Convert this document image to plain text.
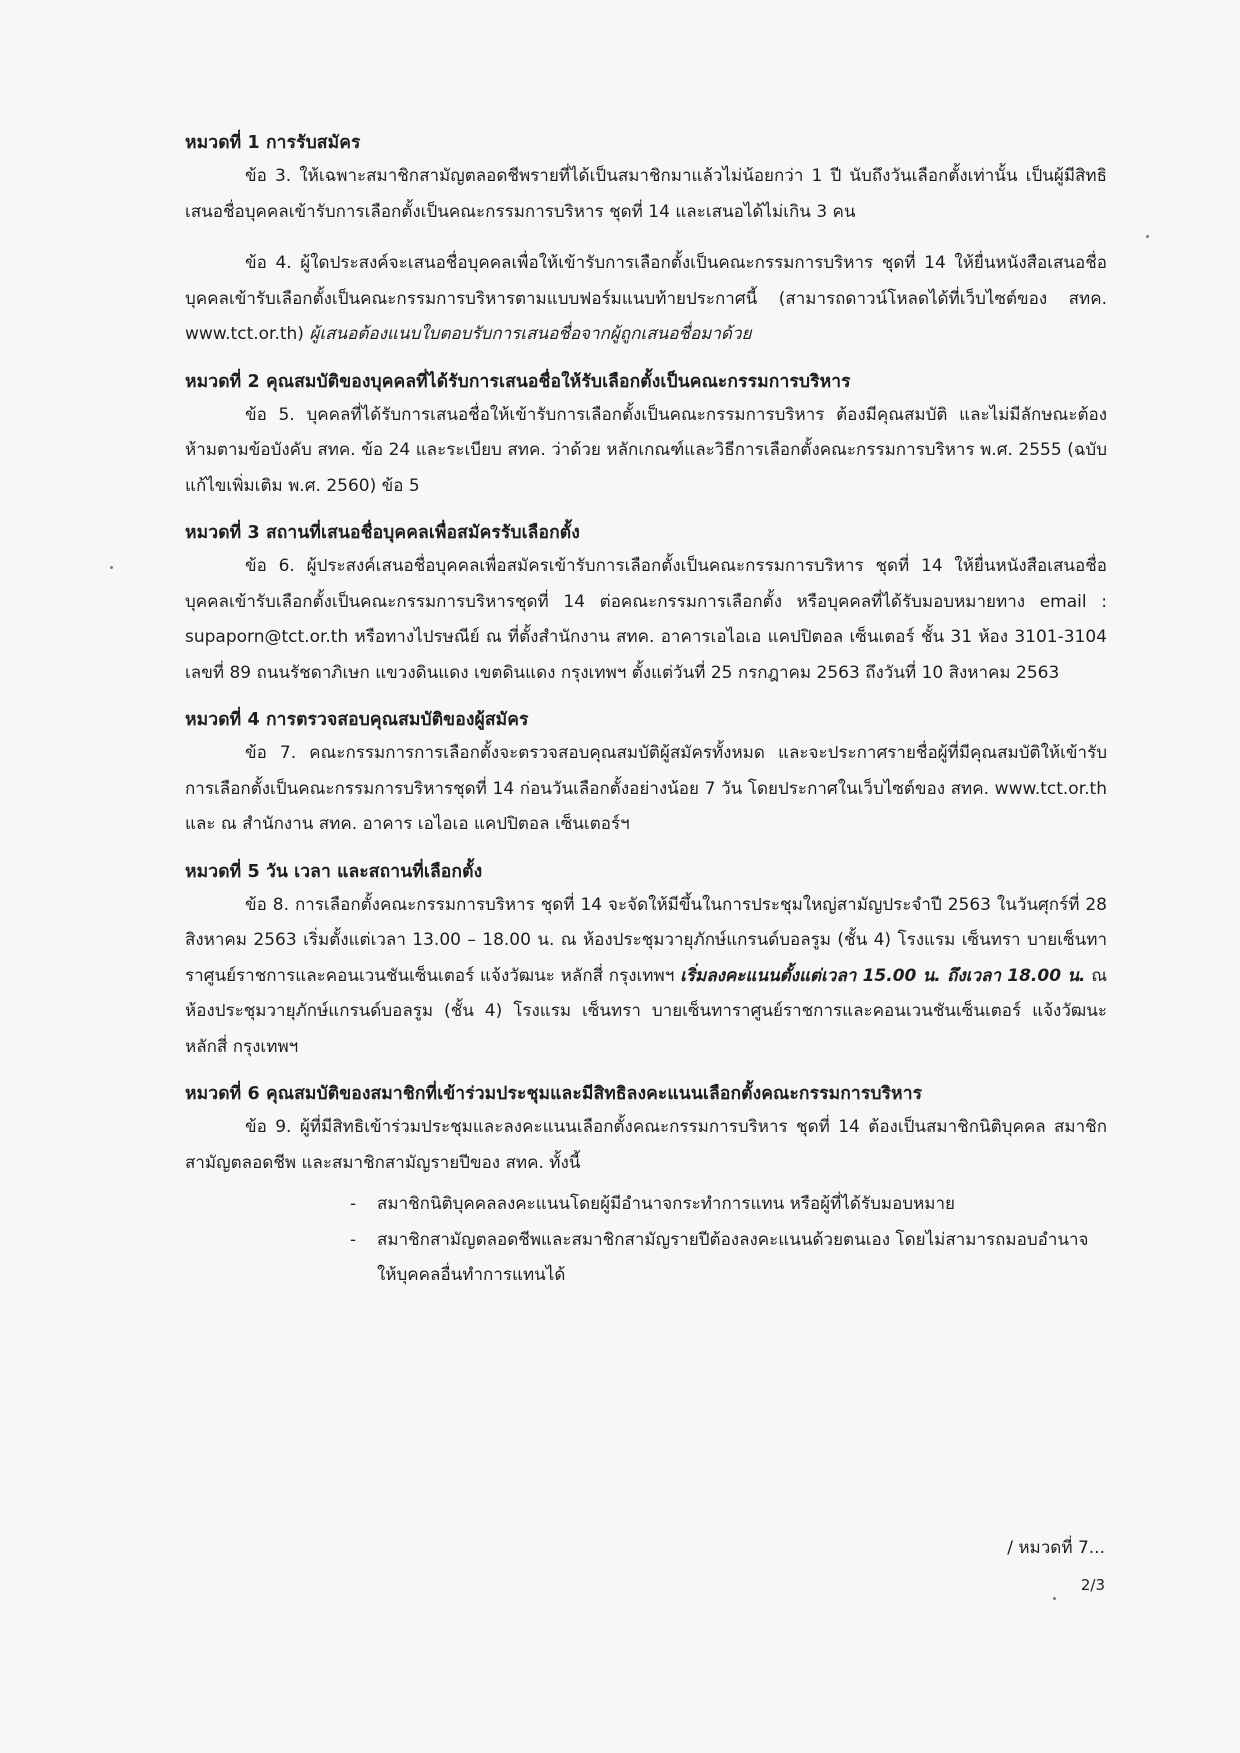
หมวดที่ 1 การรับสมัคร

ข้อ 3. ให้เฉพาะสมาชิกสามัญตลอดชีพรายที่ได้เป็นสมาชิกมาแล้วไม่น้อยกว่า 1 ปี นับถึงวันเลือกตั้งเท่านั้น เป็นผู้มีสิทธิเสนอชื่อบุคคลเข้ารับการเลือกตั้งเป็นคณะกรรมการบริหาร ชุดที่ 14 และเสนอได้ไม่เกิน 3 คน

ข้อ 4. ผู้ใดประสงค์จะเสนอชื่อบุคคลเพื่อให้เข้ารับการเลือกตั้งเป็นคณะกรรมการบริหาร ชุดที่ 14 ให้ยื่นหนังสือเสนอชื่อบุคคลเข้ารับเลือกตั้งเป็นคณะกรรมการบริหารตามแบบฟอร์มแนบท้ายประกาศนี้ (สามารถดาวน์โหลดได้ที่เว็บไซต์ของ สทค. www.tct.or.th) ผู้เสนอต้องแนบใบตอบรับการเสนอชื่อจากผู้ถูกเสนอชื่อมาด้วย

หมวดที่ 2 คุณสมบัติของบุคคลที่ได้รับการเสนอชื่อให้รับเลือกตั้งเป็นคณะกรรมการบริหาร

ข้อ 5. บุคคลที่ได้รับการเสนอชื่อให้เข้ารับการเลือกตั้งเป็นคณะกรรมการบริหาร ต้องมีคุณสมบัติ และไม่มีลักษณะต้องห้ามตามข้อบังคับ สทค. ข้อ 24 และระเบียบ สทค. ว่าด้วย หลักเกณฑ์และวิธีการเลือกตั้งคณะกรรมการบริหาร พ.ศ. 2555 (ฉบับแก้ไขเพิ่มเติม พ.ศ. 2560) ข้อ 5

หมวดที่ 3 สถานที่เสนอชื่อบุคคลเพื่อสมัครรับเลือกตั้ง

ข้อ 6. ผู้ประสงค์เสนอชื่อบุคคลเพื่อสมัครเข้ารับการเลือกตั้งเป็นคณะกรรมการบริหาร ชุดที่ 14 ให้ยื่นหนังสือเสนอชื่อบุคคลเข้ารับเลือกตั้งเป็นคณะกรรมการบริหารชุดที่ 14 ต่อคณะกรรมการเลือกตั้ง หรือบุคคลที่ได้รับมอบหมายทาง email : supaporn@tct.or.th หรือทางไปรษณีย์ ณ ที่ตั้งสำนักงาน สทค. อาคารเอไอเอ แคปปิตอล เซ็นเตอร์ ชั้น 31 ห้อง 3101-3104 เลขที่ 89 ถนนรัชดาภิเษก แขวงดินแดง เขตดินแดง กรุงเทพฯ ตั้งแต่วันที่ 25 กรกฎาคม 2563 ถึงวันที่ 10 สิงหาคม 2563

หมวดที่ 4 การตรวจสอบคุณสมบัติของผู้สมัคร

ข้อ 7. คณะกรรมการการเลือกตั้งจะตรวจสอบคุณสมบัติผู้สมัครทั้งหมด และจะประกาศรายชื่อผู้ที่มีคุณสมบัติให้เข้ารับการเลือกตั้งเป็นคณะกรรมการบริหารชุดที่ 14 ก่อนวันเลือกตั้งอย่างน้อย 7 วัน โดยประกาศในเว็บไซต์ของ สทค. www.tct.or.th และ ณ สำนักงาน สทค. อาคาร เอไอเอ แคปปิตอล เซ็นเตอร์ฯ

หมวดที่ 5 วัน เวลา และสถานที่เลือกตั้ง

ข้อ 8. การเลือกตั้งคณะกรรมการบริหาร ชุดที่ 14 จะจัดให้มีขึ้นในการประชุมใหญ่สามัญประจำปี 2563 ในวันศุกร์ที่ 28 สิงหาคม 2563 เริ่มตั้งแต่เวลา 13.00 – 18.00 น. ณ ห้องประชุมวายุภักษ์แกรนด์บอลรูม (ชั้น 4) โรงแรม เซ็นทรา บายเซ็นทาราศูนย์ราชการและคอนเวนชันเซ็นเตอร์ แจ้งวัฒนะ หลักสี่ กรุงเทพฯ เริ่มลงคะแนนตั้งแต่เวลา 15.00 น. ถึงเวลา 18.00 น. ณ ห้องประชุมวายุภักษ์แกรนด์บอลรูม (ชั้น 4) โรงแรม เซ็นทรา บายเซ็นทาราศูนย์ราชการและคอนเวนชันเซ็นเตอร์ แจ้งวัฒนะ หลักสี่ กรุงเทพฯ

หมวดที่ 6 คุณสมบัติของสมาชิกที่เข้าร่วมประชุมและมีสิทธิลงคะแนนเลือกตั้งคณะกรรมการบริหาร

ข้อ 9. ผู้ที่มีสิทธิเข้าร่วมประชุมและลงคะแนนเลือกตั้งคณะกรรมการบริหาร ชุดที่ 14 ต้องเป็นสมาชิกนิติบุคคล สมาชิกสามัญตลอดชีพ และสมาชิกสามัญรายปีของ สทค. ทั้งนี้

- สมาชิกนิติบุคคลลงคะแนนโดยผู้มีอำนาจกระทำการแทน หรือผู้ที่ได้รับมอบหมาย
- สมาชิกสามัญตลอดชีพและสมาชิกสามัญรายปีต้องลงคะแนนด้วยตนเอง โดยไม่สามารถมอบอำนาจให้บุคคลอื่นทำการแทนได้
/ หมวดที่ 7...
2/3
